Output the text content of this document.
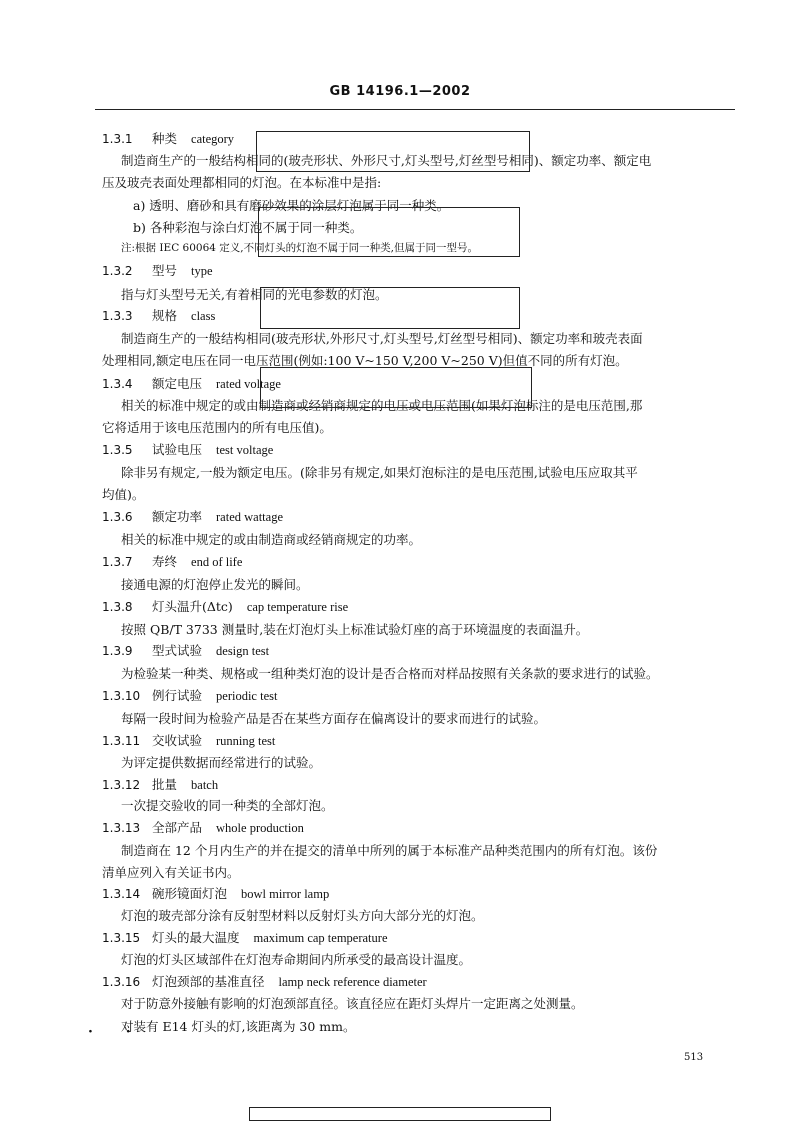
GB 14196.1—2002
1.3.1 种类 category
制造商生产的一般结构相同的(玻壳形状、外形尺寸,灯头型号,灯丝型号相同)、额定功率、额定电
压及玻壳表面处理都相同的灯泡。在本标准中是指:
a) 透明、磨砂和具有磨砂效果的涂层灯泡属于同一种类。
b) 各种彩泡与涂白灯泡不属于同一种类。
注:根据 IEC 60064 定义,不同灯头的灯泡不属于同一种类,但属于同一型号。
1.3.2 型号 type
指与灯头型号无关,有着相同的光电参数的灯泡。
1.3.3 规格 class
制造商生产的一般结构相同(玻壳形状,外形尺寸,灯头型号,灯丝型号相同)、额定功率和玻壳表面
处理相同,额定电压在同一电压范围(例如:100 V~150 V,200 V~250 V)但值不同的所有灯泡。
1.3.4 额定电压 rated voltage
相关的标准中规定的或由制造商或经销商规定的电压或电压范围(如果灯泡标注的是电压范围,那
它将适用于该电压范围内的所有电压值)。
1.3.5 试验电压 test voltage
除非另有规定,一般为额定电压。(除非另有规定,如果灯泡标注的是电压范围,试验电压应取其平
均值)。
1.3.6 额定功率 rated wattage
相关的标准中规定的或由制造商或经销商规定的功率。
1.3.7 寿终 end of life
接通电源的灯泡停止发光的瞬间。
1.3.8 灯头温升(Δtc) cap temperature rise
按照 QB/T 3733 测量时,装在灯泡灯头上标准试验灯座的高于环境温度的表面温升。
1.3.9 型式试验 design test
为检验某一种类、规格或一组种类灯泡的设计是否合格而对样品按照有关条款的要求进行的试验。
1.3.10 例行试验 periodic test
每隔一段时间为检验产品是否在某些方面存在偏离设计的要求而进行的试验。
1.3.11 交收试验 running test
为评定提供数据而经常进行的试验。
1.3.12 批量 batch
一次提交验收的同一种类的全部灯泡。
1.3.13 全部产品 whole production
制造商在 12 个月内生产的并在提交的清单中所列的属于本标准产品种类范围内的所有灯泡。该份
清单应列入有关证书内。
1.3.14 碗形镜面灯泡 bowl mirror lamp
灯泡的玻壳部分涂有反射型材料以反射灯头方向大部分光的灯泡。
1.3.15 灯头的最大温度 maximum cap temperature
灯泡的灯头区域部件在灯泡寿命期间内所承受的最高设计温度。
1.3.16 灯泡颈部的基准直径 lamp neck reference diameter
对于防意外接触有影响的灯泡颈部直径。该直径应在距灯头焊片一定距离之处测量。
对装有 E14 灯头的灯,该距离为 30 mm。
· ·
513
